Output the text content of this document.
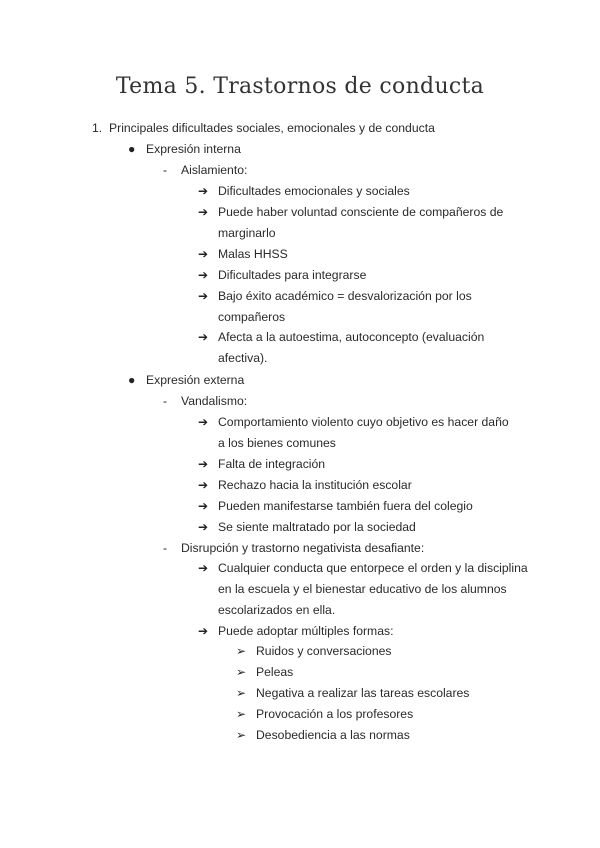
Tema 5. Trastornos de conducta
1. Principales dificultades sociales, emocionales y de conducta
● Expresión interna
- Aislamiento:
➔ Dificultades emocionales y sociales
➔ Puede haber voluntad consciente de compañeros de marginarlo
➔ Malas HHSS
➔ Dificultades para integrarse
➔ Bajo éxito académico = desvalorización por los compañeros
➔ Afecta a la autoestima, autoconcepto (evaluación afectiva).
● Expresión externa
- Vandalismo:
➔ Comportamiento violento cuyo objetivo es hacer daño a los bienes comunes
➔ Falta de integración
➔ Rechazo hacia la institución escolar
➔ Pueden manifestarse también fuera del colegio
➔ Se siente maltratado por la sociedad
- Disrupción y trastorno negativista desafiante:
➔ Cualquier conducta que entorpece el orden y la disciplina en la escuela y el bienestar educativo de los alumnos escolarizados en ella.
➔ Puede adoptar múltiples formas:
➢ Ruidos y conversaciones
➢ Peleas
➢ Negativa a realizar las tareas escolares
➢ Provocación a los profesores
➢ Desobediencia a las normas
